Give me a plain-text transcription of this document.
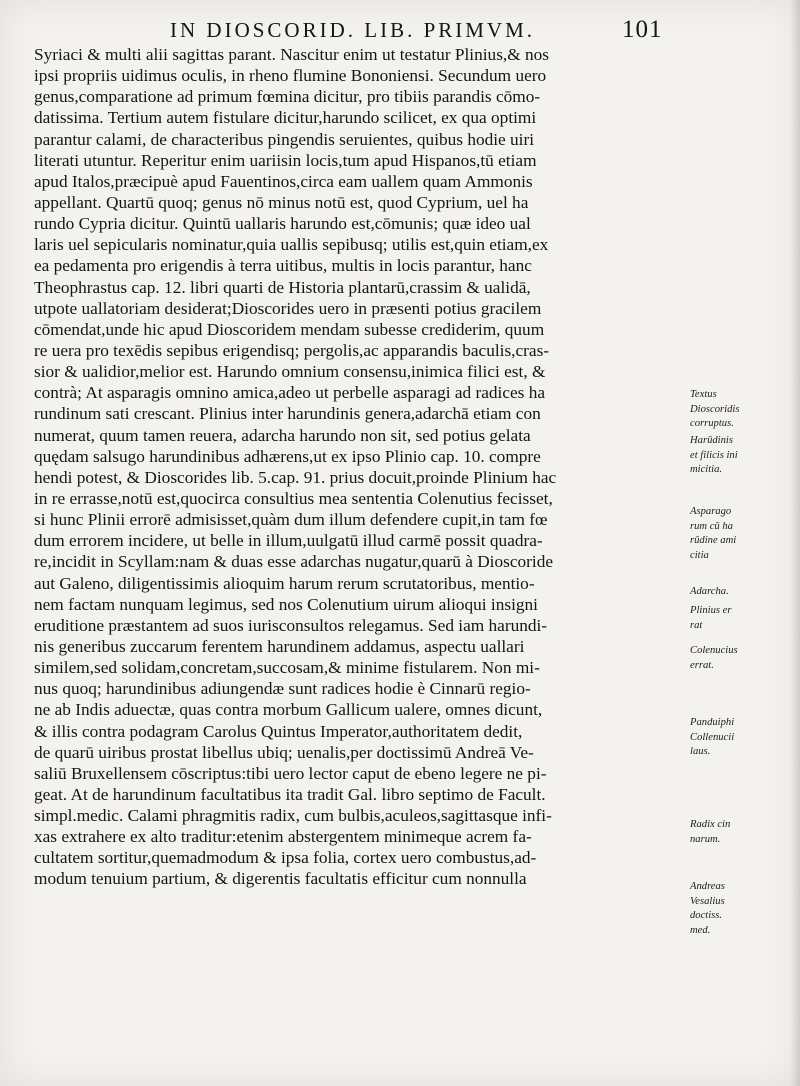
IN DIOSCORID. LIB. PRIMVM.	101
Syriaci & multi alii sagittas parant. Nascitur enim ut testatur Plinius,& nos
ipsi propriis uidimus oculis, in rheno flumine Bononiensi. Secundum uero
genus,comparatione ad primum fœmina dicitur, pro tibiis parandis cōmo-
datissima. Tertium autem fistulare dicitur,harundo scilicet, ex qua optimi
parantur calami, de characteribus pingendis seruientes, quibus hodie uiri
literati utuntur. Reperitur enim uariisin locis,tum apud Hispanos,tū etiam
apud Italos,præcipuè apud Fauentinos,circa eam uallem quam Ammonis
appellant. Quartū quoq; genus nō minus notū est, quod Cyprium, uel ha
rundo Cypria dicitur. Quintū uallaris harundo est,cōmunis; quæ ideo ual
laris uel sepicularis nominatur,quia uallis sepibusq; utilis est,quin etiam,ex
ea pedamenta pro erigendis à terra uitibus, multis in locis parantur, hanc
Theophrastus cap. 12. libri quarti de Historia plantarū,crassim & ualidā,
utpote uallatoriam desiderat;Dioscorides uero in præsenti potius gracilem
cōmendat,unde hic apud Dioscoridem mendam subesse crediderim, quum
re uera pro texēdis sepibus erigendisq; pergolis,ac apparandis baculis,cras-
sior & ualidior,melior est. Harundo omnium consensu,inimica filici est, &
contrà; At asparagis omnino amica,adeo ut perbelle asparagi ad radices ha
rundinum sati crescant. Plinius inter harundinis genera,adarchā etiam con
numerat, quum tamen reuera, adarcha harundo non sit, sed potius gelata
quędam salsugo harundinibus adhærens,ut ex ipso Plinio cap. 10. compre
hendi potest, & Dioscorides lib. 5.cap. 91. prius docuit,proinde Plinium hac
in re errasse,notū est,quocirca consultius mea sententia Colenutius fecisset,
si hunc Plinii errorē admisisset,quàm dum illum defendere cupit,in tam fœ
dum errorem incidere, ut belle in illum,uulgatū illud carmē possit quadra-
re,incidit in Scyllam:nam & duas esse adarchas nugatur,quarū à Dioscoride
aut Galeno, diligentissimis alioquim harum rerum scrutatoribus, mentio-
nem factam nunquam legimus, sed nos Colenutium uirum alioqui insigni
eruditione præstantem ad suos iurisconsultos relegamus. Sed iam harundi-
nis generibus zuccarum ferentem harundinem addamus, aspectu uallari
similem,sed solidam,concretam,succosam,& minime fistularem. Non mi-
nus quoq; harundinibus adiungendæ sunt radices hodie è Cinnarū regio-
ne ab Indis aduectæ, quas contra morbum Gallicum ualere, omnes dicunt,
& illis contra podagram Carolus Quintus Imperator,authoritatem dedit,
de quarū uiribus prostat libellus ubiq; uenalis,per doctissimū Andreā Ve-
saliū Bruxellensem cōscriptus:tibi uero lector caput de ebeno legere ne pi-
geat. At de harundinum facultatibus ita tradit Gal. libro septimo de Facult.
simpl.medic. Calami phragmitis radix, cum bulbis,aculeos,sagittasque infi-
xas extrahere ex alto traditur:etenim abstergentem minimeque acrem fa-
cultatem sortitur,quemadmodum & ipsa folia, cortex uero combustus,ad-
modum tenuium partium, & digerentis facultatis efficitur cum nonnulla
Textus
Dioscoridis
corruptus.
Harūdinis
et filicis ini
micitia.
Asparago
rum cū ha
rūdine ami
citia
Adarcha.
Plinius er
rat
Colenucius
errat.
Panduiphi
Collenucii
laus.
Radix cin
narum.
Andreas
Vesalius
doctiss.
med.
